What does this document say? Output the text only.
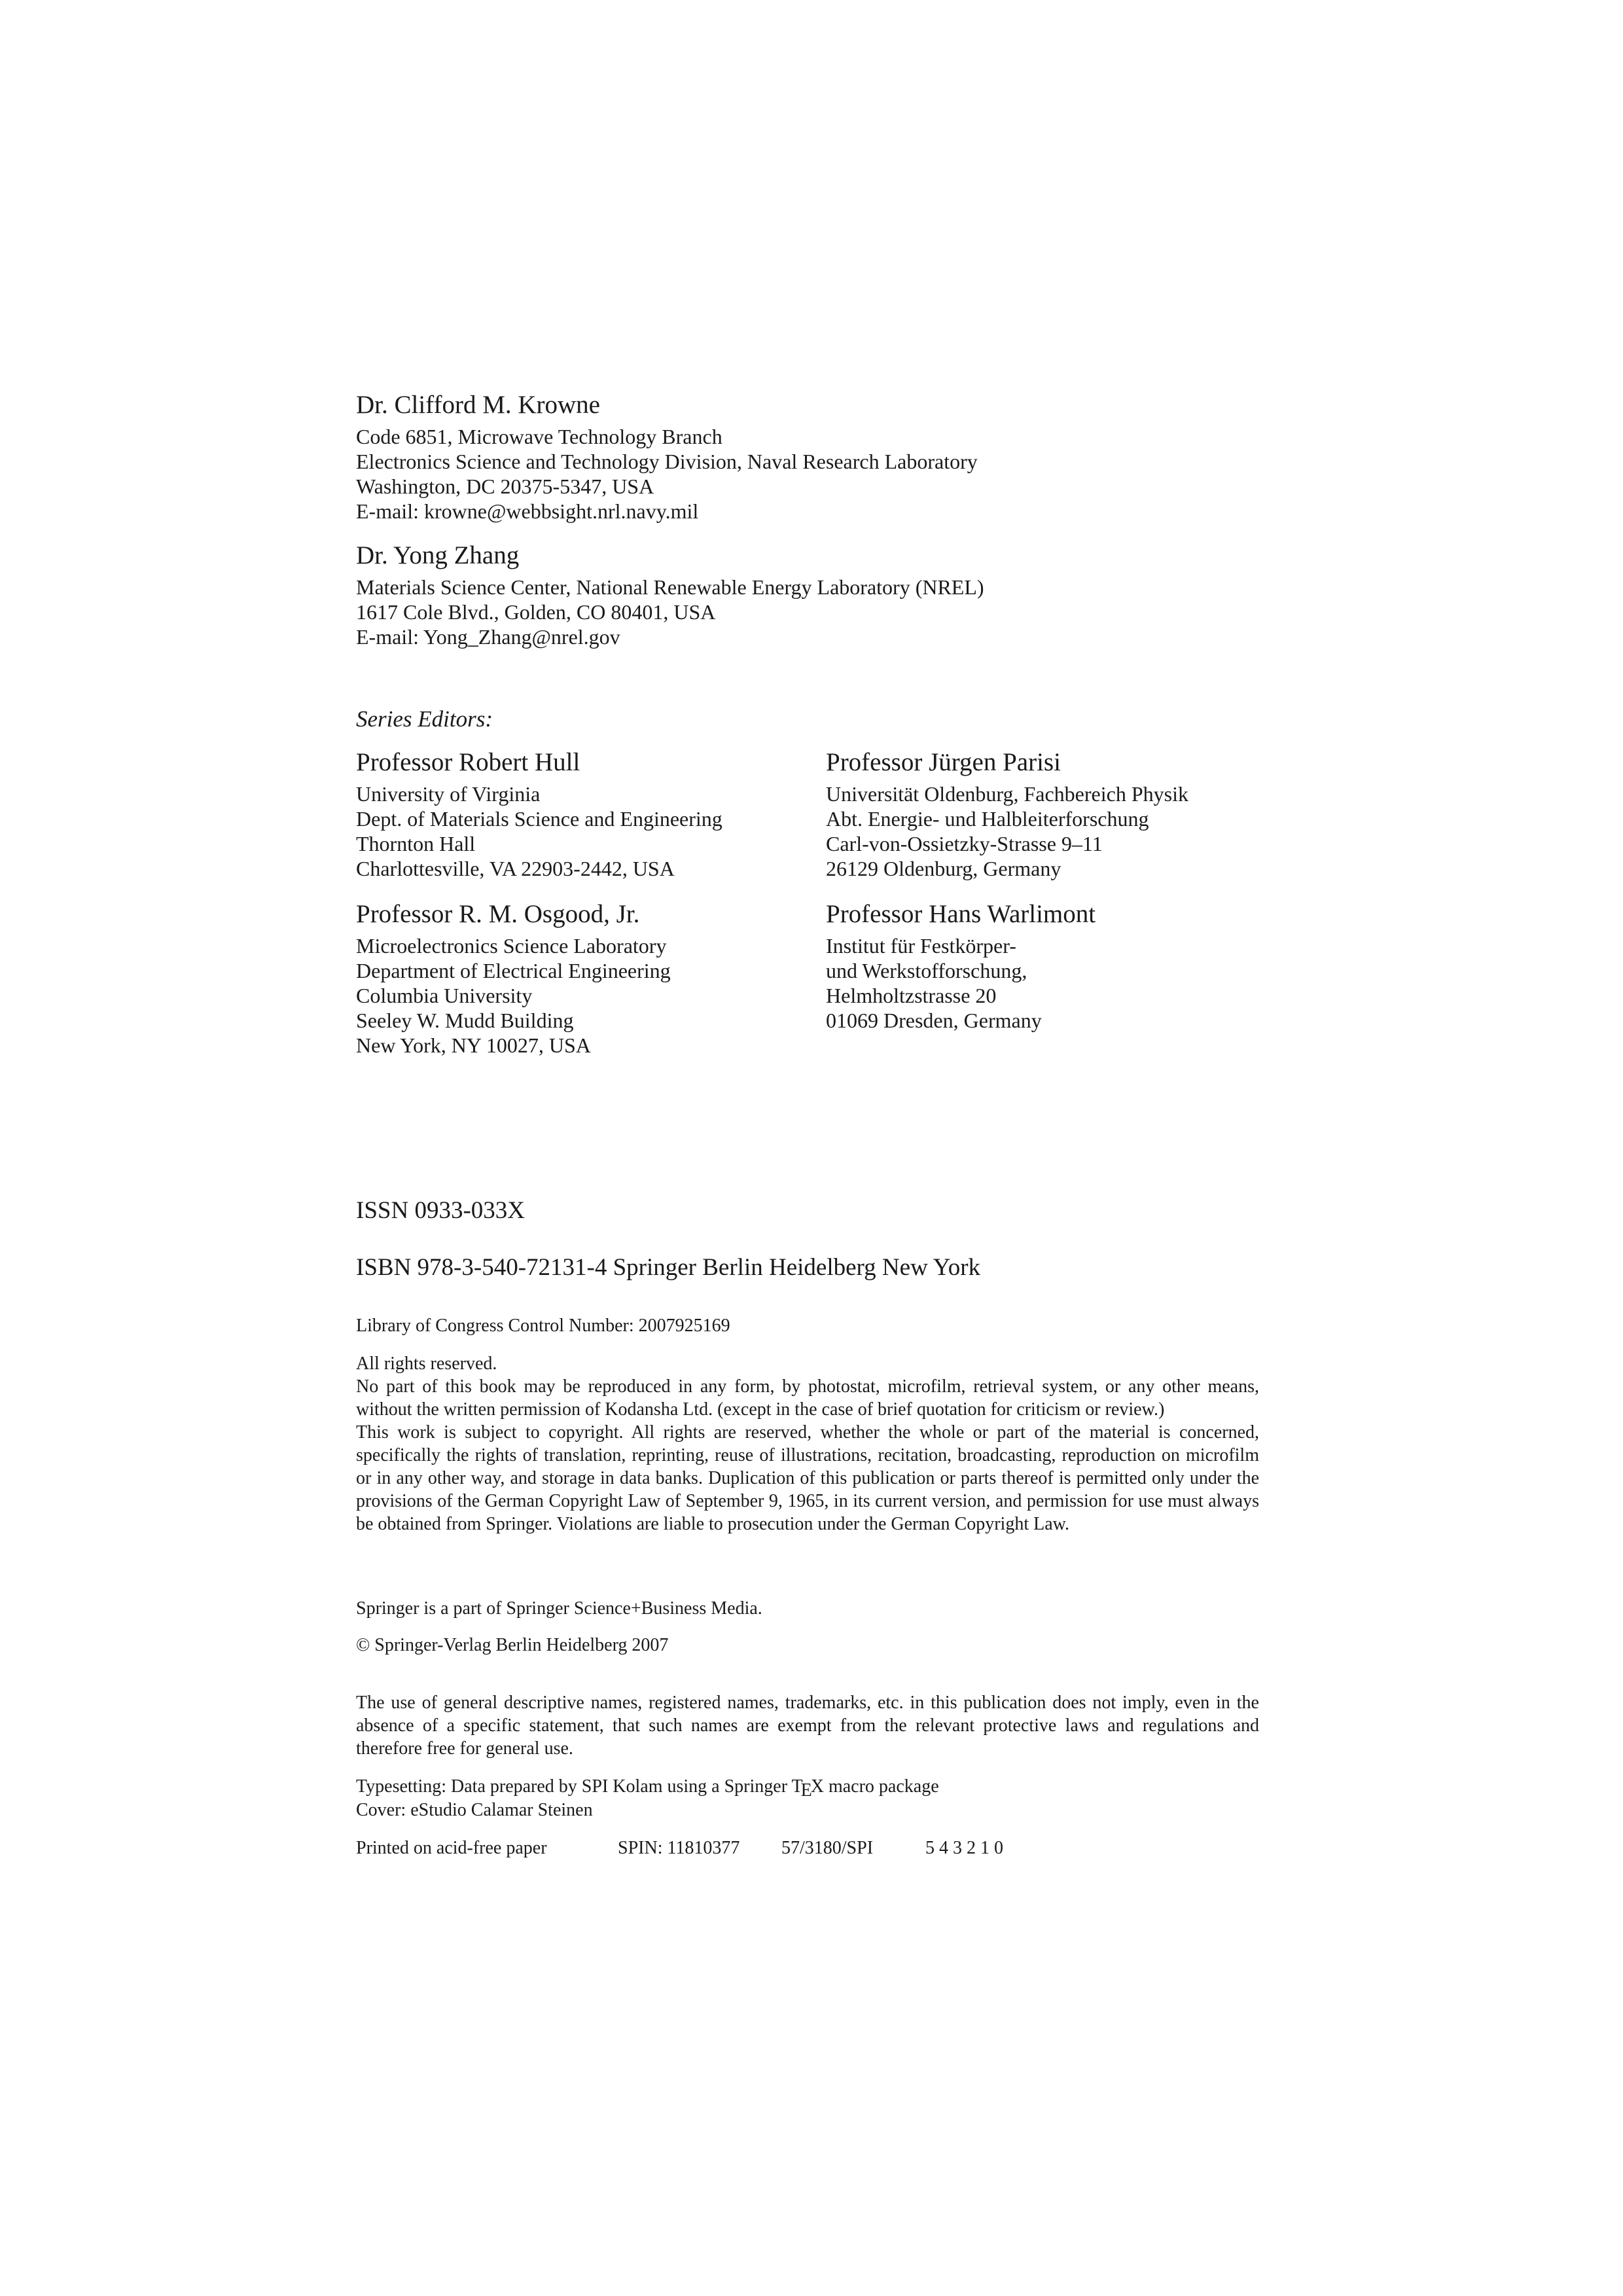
Dr. Clifford M. Krowne
Code 6851, Microwave Technology Branch
Electronics Science and Technology Division, Naval Research Laboratory
Washington, DC 20375-5347, USA
E-mail: krowne@webbsight.nrl.navy.mil
Dr. Yong Zhang
Materials Science Center, National Renewable Energy Laboratory (NREL)
1617 Cole Blvd., Golden, CO 80401, USA
E-mail: Yong_Zhang@nrel.gov
Series Editors:
Professor Robert Hull
University of Virginia
Dept. of Materials Science and Engineering
Thornton Hall
Charlottesville, VA 22903-2442, USA
Professor Jürgen Parisi
Universität Oldenburg, Fachbereich Physik
Abt. Energie- und Halbleiterforschung
Carl-von-Ossietzky-Strasse 9–11
26129 Oldenburg, Germany
Professor R. M. Osgood, Jr.
Microelectronics Science Laboratory
Department of Electrical Engineering
Columbia University
Seeley W. Mudd Building
New York, NY 10027, USA
Professor Hans Warlimont
Institut für Festkörper-
und Werkstofforschung,
Helmholtzstrasse 20
01069 Dresden, Germany
ISSN 0933-033X
ISBN 978-3-540-72131-4 Springer Berlin Heidelberg New York
Library of Congress Control Number: 2007925169

All rights reserved.

No part of this book may be reproduced in any form, by photostat, microfilm, retrieval system, or any other means, without the written permission of Kodansha Ltd. (except in the case of brief quotation for criticism or review.)

This work is subject to copyright. All rights are reserved, whether the whole or part of the material is concerned, specifically the rights of translation, reprinting, reuse of illustrations, recitation, broadcasting, reproduction on microfilm or in any other way, and storage in data banks. Duplication of this publication or parts thereof is permitted only under the provisions of the German Copyright Law of September 9, 1965, in its current version, and permission for use must always be obtained from Springer. Violations are liable to prosecution under the German Copyright Law.

Springer is a part of Springer Science+Business Media.
© Springer-Verlag Berlin Heidelberg 2007

The use of general descriptive names, registered names, trademarks, etc. in this publication does not imply, even in the absence of a specific statement, that such names are exempt from the relevant protective laws and regulations and therefore free for general use.

Typesetting: Data prepared by SPI Kolam using a Springer TEX macro package
Cover: eStudio Calamar Steinen
Printed on acid-free paper	SPIN: 11810377 57/3180/SPI	5 4 3 2 1 0
